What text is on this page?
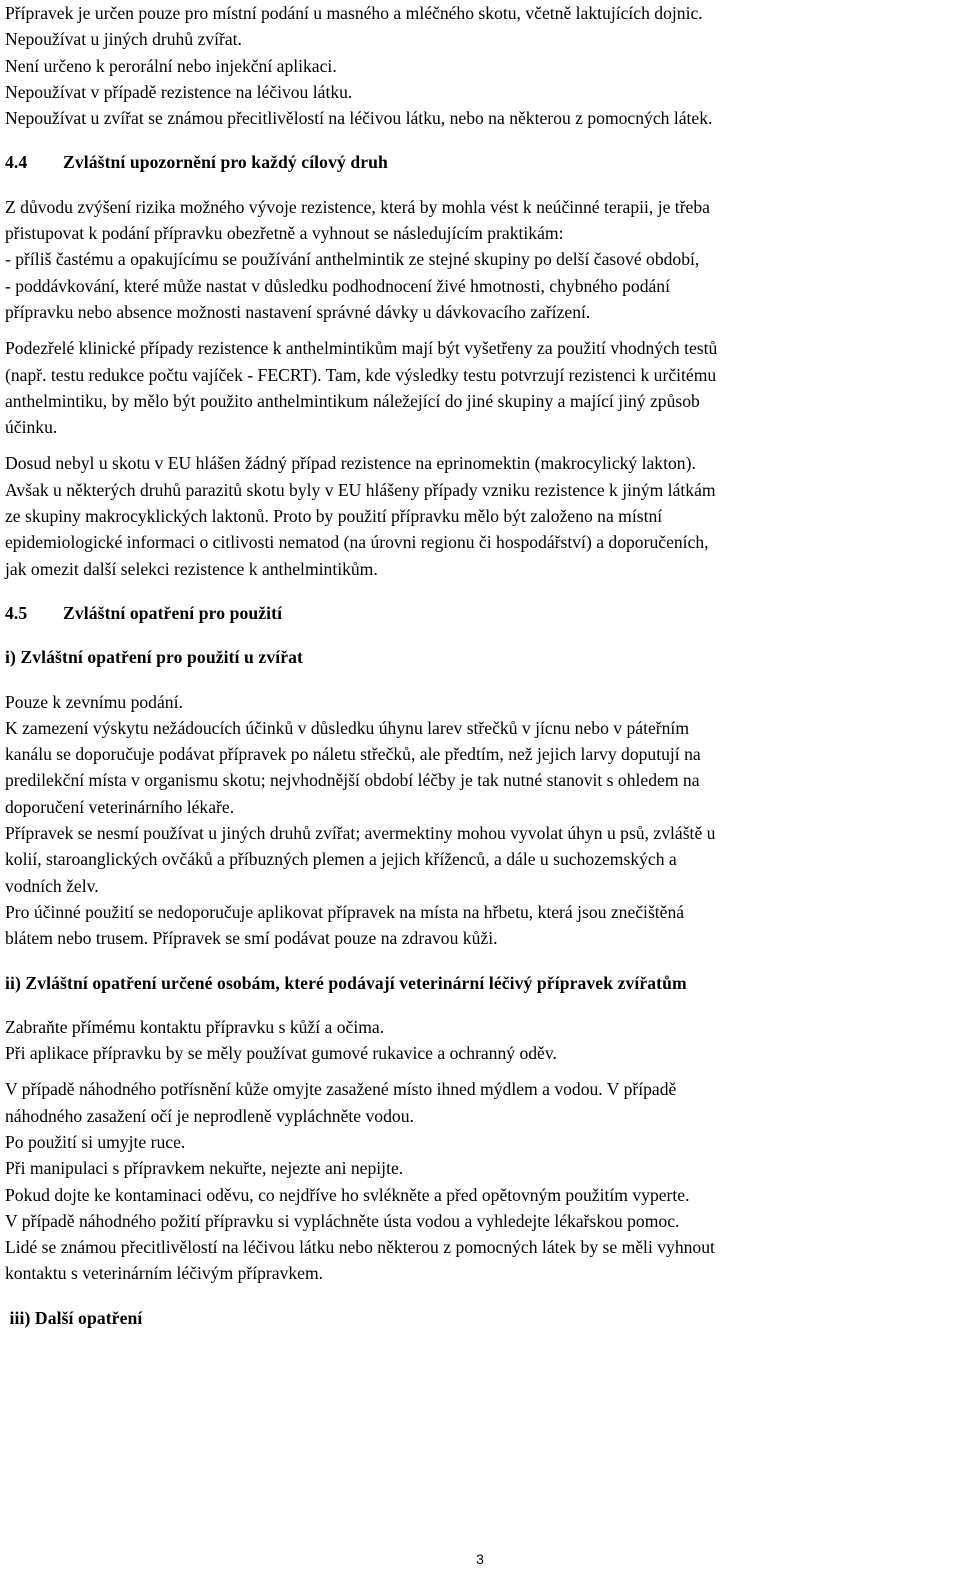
Přípravek je určen pouze pro místní podání u masného a mléčného skotu, včetně laktujících dojnic.

Nepoužívat u jiných druhů zvířat.

Není určeno k perorální nebo injekční aplikaci.

Nepoužívat v případě rezistence na léčivou látku.

Nepoužívat u zvířat se známou přecitlivělostí na léčivou látku, nebo na některou z pomocných látek.

4.4 Zvláštní upozornění pro každý cílový druh

Z důvodu zvýšení rizika možného vývoje rezistence, která by mohla vést k neúčinné terapii, je třeba

přistupovat k podání přípravku obezřetně a vyhnout se následujícím praktikám:

- příliš častému a opakujícímu se používání anthelmintik ze stejné skupiny po delší časové období,

- poddávkování, které může nastat v důsledku podhodnocení živé hmotnosti, chybného podání

přípravku nebo absence možnosti nastavení správné dávky u dávkovacího zařízení.

Podezřelé klinické případy rezistence k anthelmintikům mají být vyšetřeny za použití vhodných testů

(např. testu redukce počtu vajíček - FECRT). Tam, kde výsledky testu potvrzují rezistenci k určitému

anthelmintiku, by mělo být použito anthelmintikum náležející do jiné skupiny a mající jiný způsob

účinku.

Dosud nebyl u skotu v EU hlášen žádný případ rezistence na eprinomektin (makrocylický lakton).

Avšak u některých druhů parazitů skotu byly v EU hlášeny případy vzniku rezistence k jiným látkám

ze skupiny makrocyklických laktonů. Proto by použití přípravku mělo být založeno na místní

epidemiologické informaci o citlivosti nematod (na úrovni regionu či hospodářství) a doporučeních,

jak omezit další selekci rezistence k anthelmintikům.

4.5 Zvláštní opatření pro použití

i) Zvláštní opatření pro použití u zvířat

Pouze k zevnímu podání.

K zamezení výskytu nežádoucích účinků v důsledku úhynu larev střečků v jícnu nebo v páteřním

kanálu se doporučuje podávat přípravek po náletu střečků, ale předtím, než jejich larvy doputují na

predilekční místa v organismu skotu; nejvhodnější období léčby je tak nutné stanovit s ohledem na

doporučení veterinárního lékaře.

Přípravek se nesmí používat u jiných druhů zvířat; avermektiny mohou vyvolat úhyn u psů, zvláště u

kolií, staroanglických ovčáků a příbuzných plemen a jejich kříženců, a dále u suchozemských a

vodních želv.

Pro účinné použití se nedoporučuje aplikovat přípravek na místa na hřbetu, která jsou znečištěná

blátem nebo trusem. Přípravek se smí podávat pouze na zdravou kůži.

ii) Zvláštní opatření určené osobám, které podávají veterinární léčivý přípravek zvířatům

Zabraňte přímému kontaktu přípravku s kůží a očima.

Při aplikace přípravku by se měly používat gumové rukavice a ochranný oděv.

V případě náhodného potřísnění kůže omyjte zasažené místo ihned mýdlem a vodou. V případě

náhodného zasažení očí je neprodleně vypláchněte vodou.

Po použití si umyjte ruce.

Při manipulaci s přípravkem nekuřte, nejezte ani nepijte.

Pokud dojte ke kontaminaci oděvu, co nejdříve ho svlékněte a před opětovným použitím vyperte.

V případě náhodného požití přípravku si vypláchněte ústa vodou a vyhledejte lékařskou pomoc.

Lidé se známou přecitlivělostí na léčivou látku nebo některou z pomocných látek by se měli vyhnout

kontaktu s veterinárním léčivým přípravkem.

iii) Další opatření

3
